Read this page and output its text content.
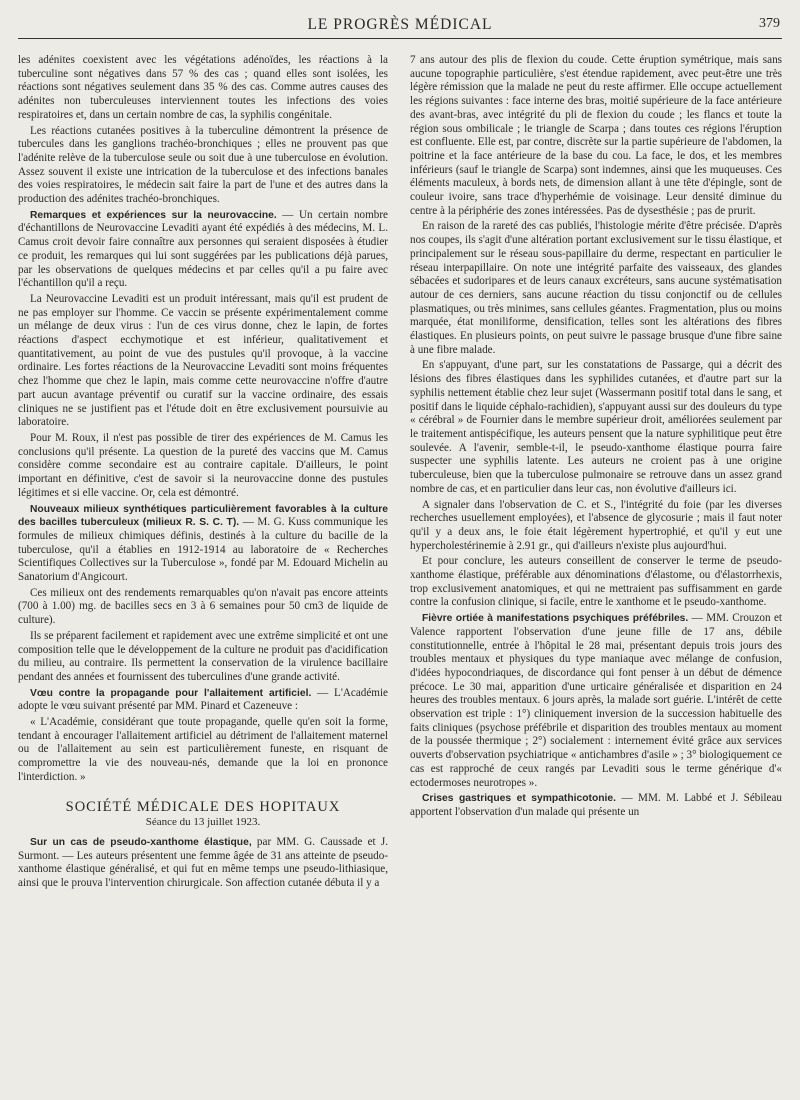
LE PROGRÈS MÉDICAL	379

les adénites coexistent avec les végétations adénoïdes, les réactions à la tuberculine sont négatives dans 57 % des cas ; quand elles sont isolées, les réactions sont négatives seulement dans 35 % des cas. Comme autres causes des adénites non tuberculeuses interviennent toutes les infections des voies respiratoires et, dans un certain nombre de cas, la syphilis congénitale.

Les réactions cutanées positives à la tuberculine démontrent la présence de tubercules dans les ganglions trachéo-bronchiques ; elles ne prouvent pas que l'adénite relève de la tuberculose seule ou soit due à une tuberculose en évolution. Assez souvent il existe une intrication de la tuberculose et des infections banales des voies respiratoires, le médecin sait faire la part de l'une et des autres dans la production des adénites trachéo-bronchiques.

Remarques et expériences sur la neurovaccine. — Un certain nombre d'échantillons de Neurovaccine Levaditi ayant été expédiés à des médecins, M. L. Camus croit devoir faire connaître aux personnes qui seraient disposées à étudier ce produit, les remarques qui lui sont suggérées par les publications déjà parues, par les observations de quelques médecins et par celles qu'il a pu faire avec l'échantillon qu'il a reçu.

La Neurovaccine Levaditi est un produit intéressant, mais qu'il est prudent de ne pas employer sur l'homme. Ce vaccin se présente expérimentalement comme un mélange de deux virus : l'un de ces virus donne, chez le lapin, de fortes réactions d'aspect ecchymotique et est inférieur, qualitativement et quantitativement, au point de vue des pustules qu'il provoque, à la vaccine ordinaire. Les fortes réactions de la Neurovaccine Levaditi sont moins fréquentes chez l'homme que chez le lapin, mais comme cette neurovaccine n'offre d'autre part aucun avantage préventif ou curatif sur la vaccine ordinaire, des essais cliniques ne se justifient pas et l'étude doit en être exclusivement poursuivie au laboratoire.

Pour M. Roux, il n'est pas possible de tirer des expériences de M. Camus les conclusions qu'il présente. La question de la pureté des vaccins que M. Camus considère comme secondaire est au contraire capitale. D'ailleurs, le point important en définitive, c'est de savoir si la neurovaccine donne des pustules légitimes et si elle vaccine. Or, cela est démontré.

Nouveaux milieux synthétiques particulièrement favorables à la culture des bacilles tuberculeux (milieux R. S. C. T). — M. G. Kuss communique les formules de milieux chimiques définis, destinés à la culture du bacille de la tuberculose, qu'il a établies en 1912-1914 au laboratoire de « Recherches Scientifiques Collectives sur la Tuberculose », fondé par M. Edouard Michelin au Sanatorium d'Angicourt.

Ces milieux ont des rendements remarquables qu'on n'avait pas encore atteints (700 à 1.00) mg. de bacilles secs en 3 à 6 semaines pour 50 cm3 de liquide de culture).

Ils se préparent facilement et rapidement avec une extrême simplicité et ont une composition telle que le développement de la culture ne produit pas d'acidification du milieu, au contraire. Ils permettent la conservation de la virulence bacillaire pendant des années et fournissent des tuberculines d'une grande activité.

Vœu contre la propagande pour l'allaitement artificiel. — L'Académie adopte le vœu suivant présenté par MM. Pinard et Cazeneuve :

« L'Académie, considérant que toute propagande, quelle qu'en soit la forme, tendant à encourager l'allaitement artificiel au détriment de l'allaitement maternel ou de l'allaitement au sein est particulièrement funeste, en risquant de compromettre la vie des nouveau-nés, demande que la loi en prononce l'interdiction. »

SOCIÉTÉ MÉDICALE DES HOPITAUX
Séance du 13 juillet 1923.

Sur un cas de pseudo-xanthome élastique, par MM. G. Caussade et J. Surmont. — Les auteurs présentent une femme âgée de 31 ans atteinte de pseudo-xanthome élastique généralisé, et qui fut en même temps une pseudo-lithiasique, ainsi que le prouva l'intervention chirurgicale. Son affection cutanée débuta il y a

7 ans autour des plis de flexion du coude. Cette éruption symétrique, mais sans aucune topographie particulière, s'est étendue rapidement, avec peut-être une très légère rémission que la malade ne peut du reste affirmer. Elle occupe actuellement les régions suivantes : face interne des bras, moitié supérieure de la face antérieure des avant-bras, avec intégrité du pli de flexion du coude ; les flancs et toute la région sous ombilicale ; le triangle de Scarpa ; dans toutes ces régions l'éruption est confluente. Elle est, par contre, discrète sur la partie supérieure de l'abdomen, la poitrine et la face antérieure de la base du cou. La face, le dos, et les membres inférieurs (sauf le triangle de Scarpa) sont indemnes, ainsi que les muqueuses. Ces éléments maculeux, à bords nets, de dimension allant à une tête d'épingle, sont de couleur ivoire, sans trace d'hyperhémie de voisinage. Leur densité diminue du centre à la périphérie des zones intéressées. Pas de dysesthésie ; pas de prurit.

En raison de la rareté des cas publiés, l'histologie mérite d'être précisée. D'après nos coupes, ils s'agit d'une altération portant exclusivement sur le tissu élastique, et principalement sur le réseau sous-papillaire du derme, respectant en particulier le réseau interpapillaire. On note une intégrité parfaite des vaisseaux, des glandes sébacées et sudoripares et de leurs canaux excréteurs, sans aucune systématisation autour de ces derniers, sans aucune réaction du tissu conjonctif ou de cellules plasmatiques, ou très minimes, sans cellules géantes. Fragmentation, plus ou moins marquée, état moniliforme, densification, telles sont les altérations des fibres élastiques. En plusieurs points, on peut suivre le passage brusque d'une fibre saine à une fibre malade.

En s'appuyant, d'une part, sur les constatations de Passarge, qui a décrit des lésions des fibres élastiques dans les syphilides cutanées, et d'autre part sur la syphilis nettement établie chez leur sujet (Wassermann positif total dans le sang, et positif dans le liquide céphalo-rachidien), s'appuyant aussi sur des douleurs du type « cérébral » de Fournier dans le membre supérieur droit, améliorées seulement par le traitement antispécifique, les auteurs pensent que la nature syphilitique peut être soulevée. A l'avenir, semble-t-il, le pseudo-xanthome élastique pourra faire suspecter une syphilis latente. Les auteurs ne croient pas à une origine tuberculeuse, bien que la tuberculose pulmonaire se retrouve dans un assez grand nombre de cas, et en particulier dans leur cas, non évolutive d'ailleurs ici.

A signaler dans l'observation de C. et S., l'intégrité du foie (par les diverses recherches usuellement employées), et l'absence de glycosurie ; mais il faut noter qu'il y a deux ans, le foie était légèrement hypertrophié, et qu'il y eut une hypercholestérinemie à 2.91 gr., qui d'ailleurs n'existe plus aujourd'hui.

Et pour conclure, les auteurs conseillent de conserver le terme de pseudo-xanthome élastique, préférable aux dénominations d'élastome, ou d'élastorrhexis, trop exclusivement anatomiques, et qui ne mettraient pas suffisamment en garde contre la confusion clinique, si facile, entre le xanthome et le pseudo-xanthome.

Fièvre ortiée à manifestations psychiques préfébriles. — MM. Crouzon et Valence rapportent l'observation d'une jeune fille de 17 ans, débile constitutionnelle, entrée à l'hôpital le 28 mai, présentant depuis trois jours des troubles mentaux et physiques du type maniaque avec mélange de confusion, d'idées hypocondriaques, de discordance qui font penser à un début de démence précoce. Le 30 mai, apparition d'une urticaire généralisée et disparition en 24 heures des troubles mentaux. 6 jours après, la malade sort guérie. L'intérêt de cette observation est triple : 1°) cliniquement inversion de la succession habituelle des faits cliniques (psychose préfébrile et disparition des troubles mentaux au moment de la poussée thermique ; 2°) socialement : internement évité grâce aux services ouverts d'observation psychiatrique « antichambres d'asile » ; 3° biologiquement ce cas est rapproché de ceux rangés par Levaditi sous le terme générique d'« ectodermoses neurotropes ».

Crises gastriques et sympathicotonie. — MM. M. Labbé et J. Sébileau apportent l'observation d'un malade qui présente un
